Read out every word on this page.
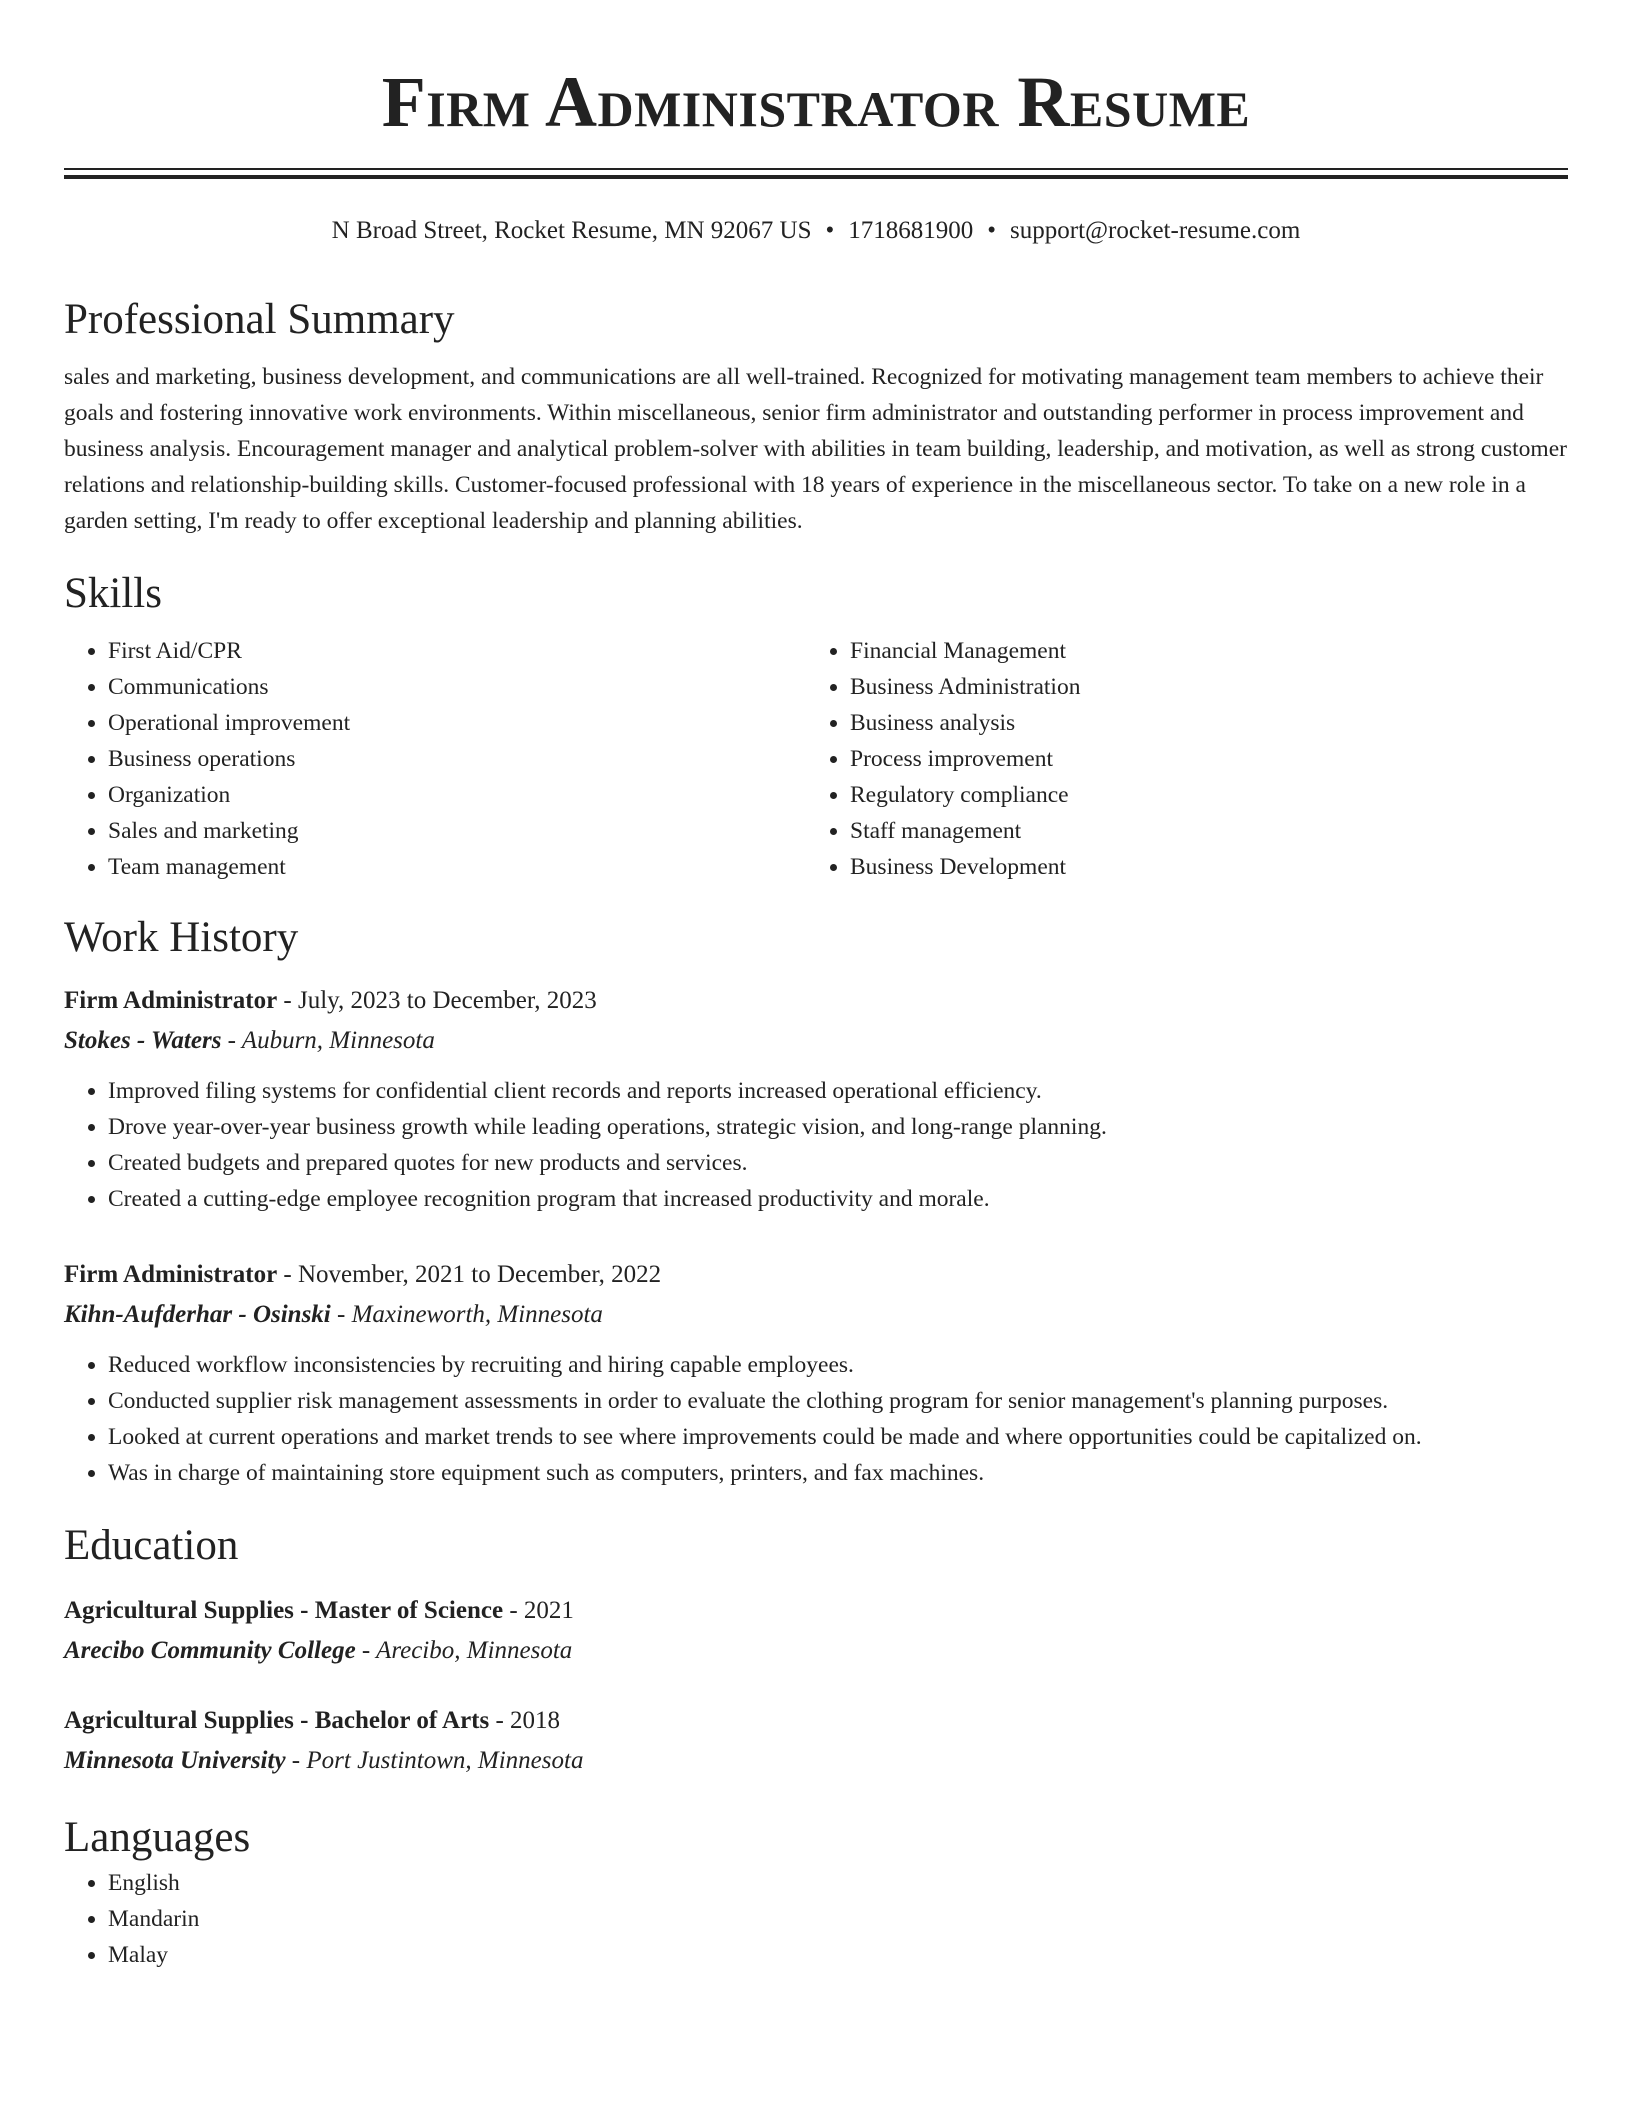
Firm Administrator Resume
N Broad Street, Rocket Resume, MN 92067 US • 1718681900 • support@rocket-resume.com
Professional Summary

sales and marketing, business development, and communications are all well-trained. Recognized for motivating management team members to achieve their goals and fostering innovative work environments. Within miscellaneous, senior firm administrator and outstanding performer in process improvement and business analysis. Encouragement manager and analytical problem-solver with abilities in team building, leadership, and motivation, as well as strong customer relations and relationship-building skills. Customer-focused professional with 18 years of experience in the miscellaneous sector. To take on a new role in a garden setting, I'm ready to offer exceptional leadership and planning abilities.

Skills
• First Aid/CPR
• Communications
• Operational improvement
• Business operations
• Organization
• Sales and marketing
• Team management
• Financial Management
• Business Administration
• Business analysis
• Process improvement
• Regulatory compliance
• Staff management
• Business Development
Work History
Firm Administrator - July, 2023 to December, 2023
Stokes - Waters - Auburn, Minnesota
• Improved filing systems for confidential client records and reports increased operational efficiency.
• Drove year-over-year business growth while leading operations, strategic vision, and long-range planning.
• Created budgets and prepared quotes for new products and services.
• Created a cutting-edge employee recognition program that increased productivity and morale.
Firm Administrator - November, 2021 to December, 2022
Kihn-Aufderhar - Osinski - Maxineworth, Minnesota
• Reduced workflow inconsistencies by recruiting and hiring capable employees.
• Conducted supplier risk management assessments in order to evaluate the clothing program for senior management's planning purposes.
• Looked at current operations and market trends to see where improvements could be made and where opportunities could be capitalized on.
• Was in charge of maintaining store equipment such as computers, printers, and fax machines.
Education
Agricultural Supplies - Master of Science - 2021
Arecibo Community College - Arecibo, Minnesota
Agricultural Supplies - Bachelor of Arts - 2018
Minnesota University - Port Justintown, Minnesota
Languages
• English
• Mandarin
• Malay
